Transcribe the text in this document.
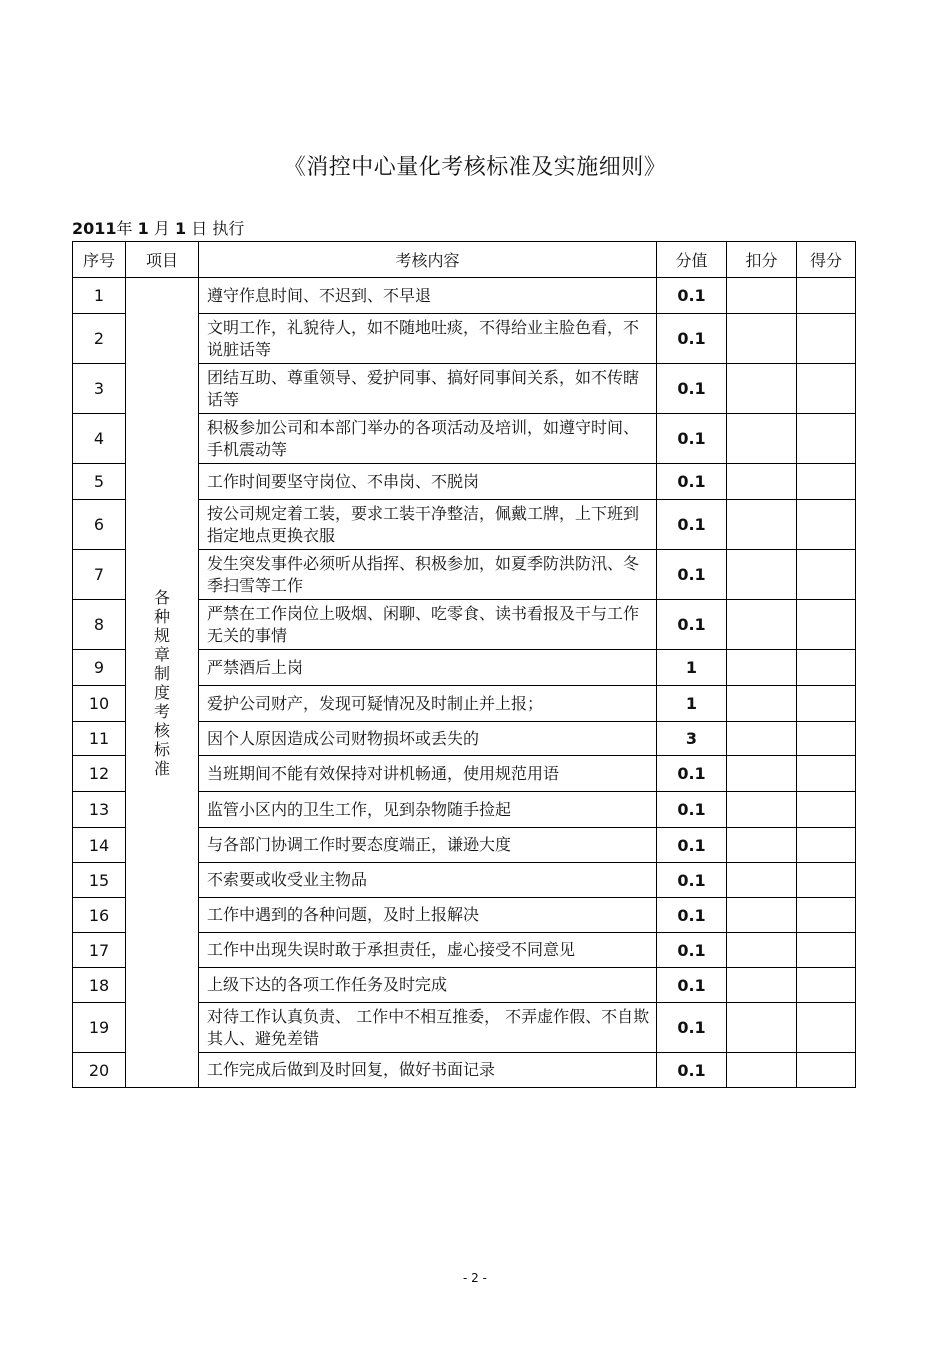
《消控中心量化考核标准及实施细则》
2011年 1 月 1 日 执行
序号	项目	考核内容	分值	扣分	得分
1	各种规章制度考核标准	遵守作息时间、不迟到、不早退	0.1		
2		文明工作，礼貌待人，如不随地吐痰，不得给业主脸色看，不说脏话等	0.1		
3		团结互助、尊重领导、爱护同事、搞好同事间关系，如不传瞎话等	0.1		
4		积极参加公司和本部门举办的各项活动及培训，如遵守时间、手机震动等	0.1		
5		工作时间要坚守岗位、不串岗、不脱岗	0.1		
6		按公司规定着工装，要求工装干净整洁，佩戴工牌，上下班到指定地点更换衣服	0.1		
7		发生突发事件必须听从指挥、积极参加，如夏季防洪防汛、冬季扫雪等工作	0.1		
8		严禁在工作岗位上吸烟、闲聊、吃零食、读书看报及干与工作无关的事情	0.1		
9		严禁酒后上岗	1		
10		爱护公司财产，发现可疑情况及时制止并上报；	1		
11		因个人原因造成公司财物损坏或丢失的	3		
12		当班期间不能有效保持对讲机畅通，使用规范用语	0.1		
13		监管小区内的卫生工作，见到杂物随手捡起	0.1		
14		与各部门协调工作时要态度端正，谦逊大度	0.1		
15		不索要或收受业主物品	0.1		
16		工作中遇到的各种问题，及时上报解决	0.1		
17		工作中出现失误时敢于承担责任，虚心接受不同意见	0.1		
18		上级下达的各项工作任务及时完成	0.1		
19		对待工作认真负责、 工作中不相互推委， 不弄虚作假、不自欺其人、避免差错	0.1		
20		工作完成后做到及时回复，做好书面记录	0.1		
- 2 -
